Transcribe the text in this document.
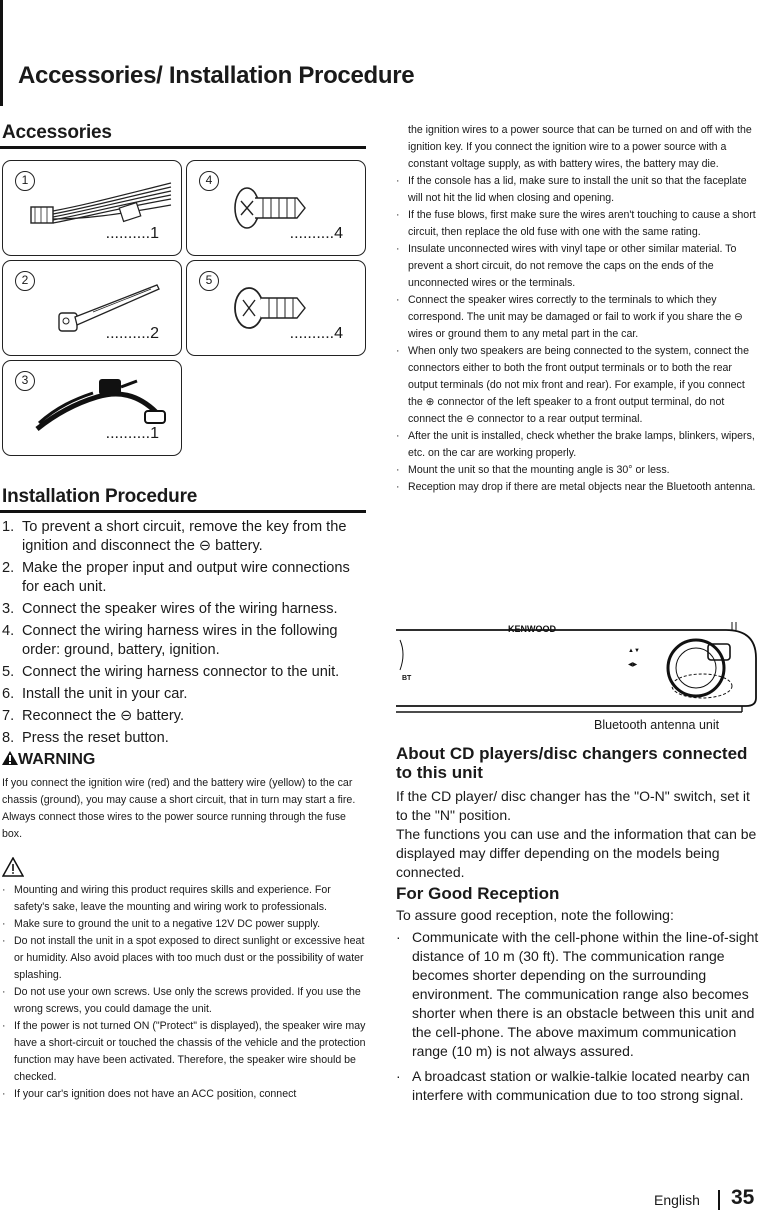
Accessories/ Installation Procedure
Accessories
1
..........1
4
..........4
2
..........2
5
..........4
3
..........1
Installation Procedure
1. To prevent a short circuit, remove the key from the ignition and disconnect the ⊖ battery.
2. Make the proper input and output wire connections for each unit.
3. Connect the speaker wires of the wiring harness.
4. Connect the wiring harness wires in the following order: ground, battery, ignition.
5. Connect the wiring harness connector to the unit.
6. Install the unit in your car.
7. Reconnect the ⊖ battery.
8. Press the reset button.
WARNING

If you connect the ignition wire (red) and the battery wire (yellow) to the car chassis (ground), you may cause a short circuit, that in turn may start a fire. Always connect those wires to the power source running through the fuse box.

· Mounting and wiring this product requires skills and experience. For safety's sake, leave the mounting and wiring work to professionals.
· Make sure to ground the unit to a negative 12V DC power supply.
· Do not install the unit in a spot exposed to direct sunlight or excessive heat or humidity. Also avoid places with too much dust or the possibility of water splashing.
· Do not use your own screws. Use only the screws provided. If you use the wrong screws, you could damage the unit.
· If the power is not turned ON ("Protect" is displayed), the speaker wire may have a short-circuit or touched the chassis of the vehicle and the protection function may have been activated. Therefore, the speaker wire should be checked.
· If your car's ignition does not have an ACC position, connect

the ignition wires to a power source that can be turned on and off with the ignition key. If you connect the ignition wire to a power source with a constant voltage supply, as with battery wires, the battery may die.

· If the console has a lid, make sure to install the unit so that the faceplate will not hit the lid when closing and opening.
· If the fuse blows, first make sure the wires aren't touching to cause a short circuit, then replace the old fuse with one with the same rating.
· Insulate unconnected wires with vinyl tape or other similar material. To prevent a short circuit, do not remove the caps on the ends of the unconnected wires or the terminals.
· Connect the speaker wires correctly to the terminals to which they correspond. The unit may be damaged or fail to work if you share the ⊖ wires or ground them to any metal part in the car.
· When only two speakers are being connected to the system, connect the connectors either to both the front output terminals or to both the rear output terminals (do not mix front and rear). For example, if you connect the ⊕ connector of the left speaker to a front output terminal, do not connect the ⊖ connector to a rear output terminal.
· After the unit is installed, check whether the brake lamps, blinkers, wipers, etc. on the car are working properly.
· Mount the unit so that the mounting angle is 30° or less.
· Reception may drop if there are metal objects near the Bluetooth antenna.
BT
KENWOOD
▲▼
◀▶
Bluetooth antenna unit
About CD players/disc changers connected to this unit

If the CD player/ disc changer has the "O-N" switch, set it to the "N" position.

The functions you can use and the information that can be displayed may differ depending on the models being connected.

For Good Reception

To assure good reception, note the following:

· Communicate with the cell-phone within the line-of-sight distance of 10 m (30 ft). The communication range becomes shorter depending on the surrounding environment. The communication range also becomes shorter when there is an obstacle between this unit and the cell-phone. The above maximum communication range (10 m) is not always assured.
· A broadcast station or walkie-talkie located nearby can interfere with communication due to too strong signal.
English 35
